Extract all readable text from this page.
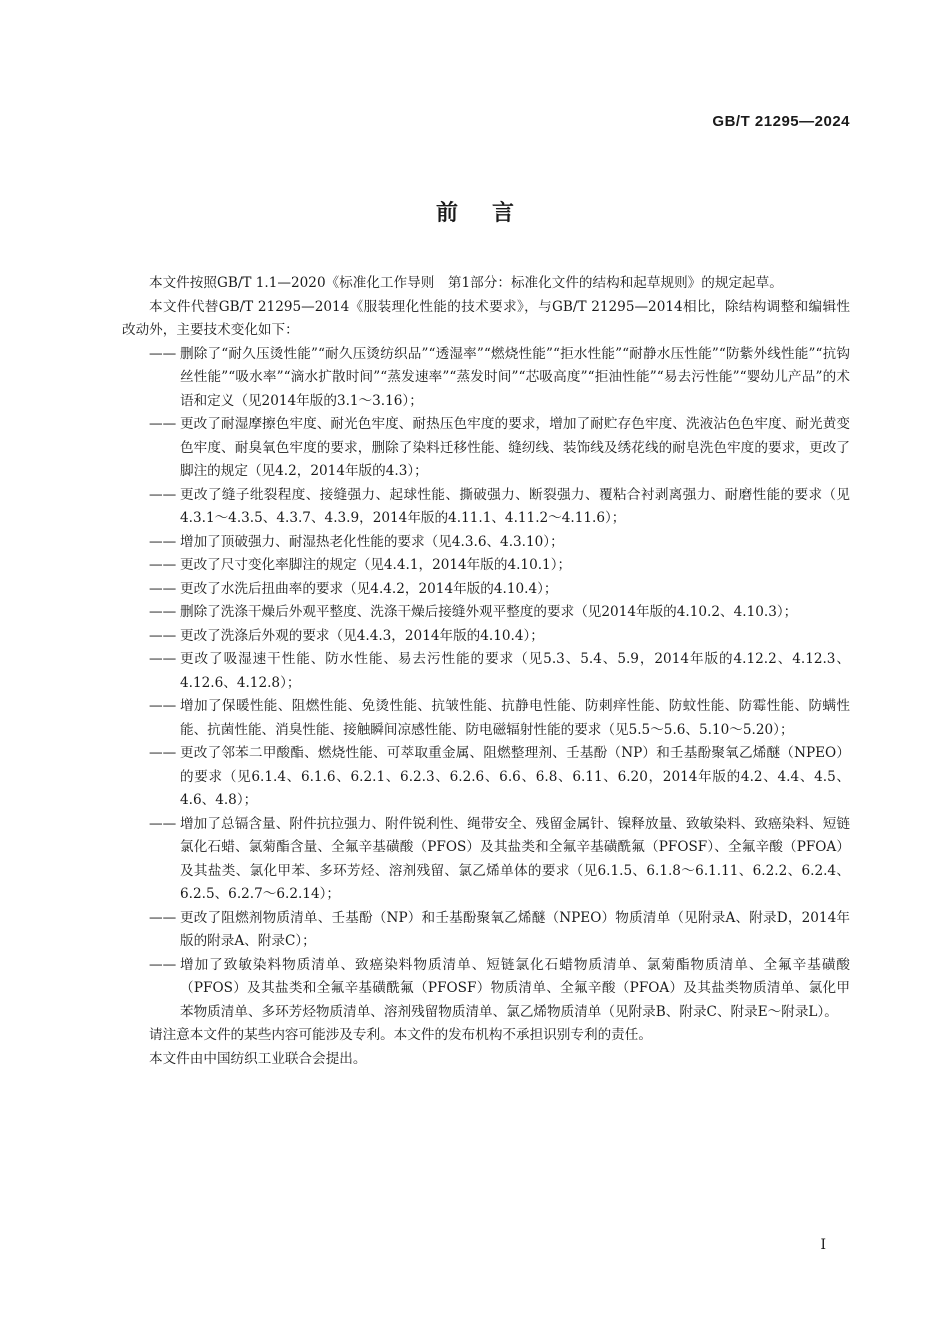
GB/T 21295—2024
前言

本文件按照GB/T 1.1—2020《标准化工作导则　第1部分：标准化文件的结构和起草规则》的规定起草。

本文件代替GB/T 21295—2014《服装理化性能的技术要求》，与GB/T 21295—2014相比，除结构调整和编辑性改动外，主要技术变化如下：

—— 删除了“耐久压烫性能”“耐久压烫纺织品”“透湿率”“燃烧性能”“拒水性能”“耐静水压性能”“防紫外线性能”“抗钩丝性能”“吸水率”“滴水扩散时间”“蒸发速率”“蒸发时间”“芯吸高度”“拒油性能”“易去污性能”“婴幼儿产品”的术语和定义（见2014年版的3.1～3.16）；
—— 更改了耐湿摩擦色牢度、耐光色牢度、耐热压色牢度的要求，增加了耐贮存色牢度、洗液沾色色牢度、耐光黄变色牢度、耐臭氧色牢度的要求，删除了染料迁移性能、缝纫线、装饰线及绣花线的耐皂洗色牢度的要求，更改了脚注的规定（见4.2，2014年版的4.3）；
—— 更改了缝子纰裂程度、接缝强力、起球性能、撕破强力、断裂强力、覆粘合衬剥离强力、耐磨性能的要求（见4.3.1～4.3.5、4.3.7、4.3.9，2014年版的4.11.1、4.11.2～4.11.6）；
—— 增加了顶破强力、耐湿热老化性能的要求（见4.3.6、4.3.10）；
—— 更改了尺寸变化率脚注的规定（见4.4.1，2014年版的4.10.1）；
—— 更改了水洗后扭曲率的要求（见4.4.2，2014年版的4.10.4）；
—— 删除了洗涤干燥后外观平整度、洗涤干燥后接缝外观平整度的要求（见2014年版的4.10.2、4.10.3）；
—— 更改了洗涤后外观的要求（见4.4.3，2014年版的4.10.4）；
—— 更改了吸湿速干性能、防水性能、易去污性能的要求（见5.3、5.4、5.9，2014年版的4.12.2、4.12.3、4.12.6、4.12.8）；
—— 增加了保暖性能、阻燃性能、免烫性能、抗皱性能、抗静电性能、防刺痒性能、防蚊性能、防霉性能、防螨性能、抗菌性能、消臭性能、接触瞬间凉感性能、防电磁辐射性能的要求（见5.5～5.6、5.10～5.20）；
—— 更改了邻苯二甲酸酯、燃烧性能、可萃取重金属、阻燃整理剂、壬基酚（NP）和壬基酚聚氧乙烯醚（NPEO）的要求（见6.1.4、6.1.6、6.2.1、6.2.3、6.2.6、6.6、6.8、6.11、6.20，2014年版的4.2、4.4、4.5、4.6、4.8）；
—— 增加了总镉含量、附件抗拉强力、附件锐利性、绳带安全、残留金属针、镍释放量、致敏染料、致癌染料、短链氯化石蜡、氯菊酯含量、全氟辛基磺酸（PFOS）及其盐类和全氟辛基磺酰氟（PFOSF）、全氟辛酸（PFOA）及其盐类、氯化甲苯、多环芳烃、溶剂残留、氯乙烯单体的要求（见6.1.5、6.1.8～6.1.11、6.2.2、6.2.4、6.2.5、6.2.7～6.2.14）；
—— 更改了阻燃剂物质清单、壬基酚（NP）和壬基酚聚氧乙烯醚（NPEO）物质清单（见附录A、附录D，2014年版的附录A、附录C）；
—— 增加了致敏染料物质清单、致癌染料物质清单、短链氯化石蜡物质清单、氯菊酯物质清单、全氟辛基磺酸（PFOS）及其盐类和全氟辛基磺酰氟（PFOSF）物质清单、全氟辛酸（PFOA）及其盐类物质清单、氯化甲苯物质清单、多环芳烃物质清单、溶剂残留物质清单、氯乙烯物质清单（见附录B、附录C、附录E～附录L）。

请注意本文件的某些内容可能涉及专利。本文件的发布机构不承担识别专利的责任。

本文件由中国纺织工业联合会提出。

I
